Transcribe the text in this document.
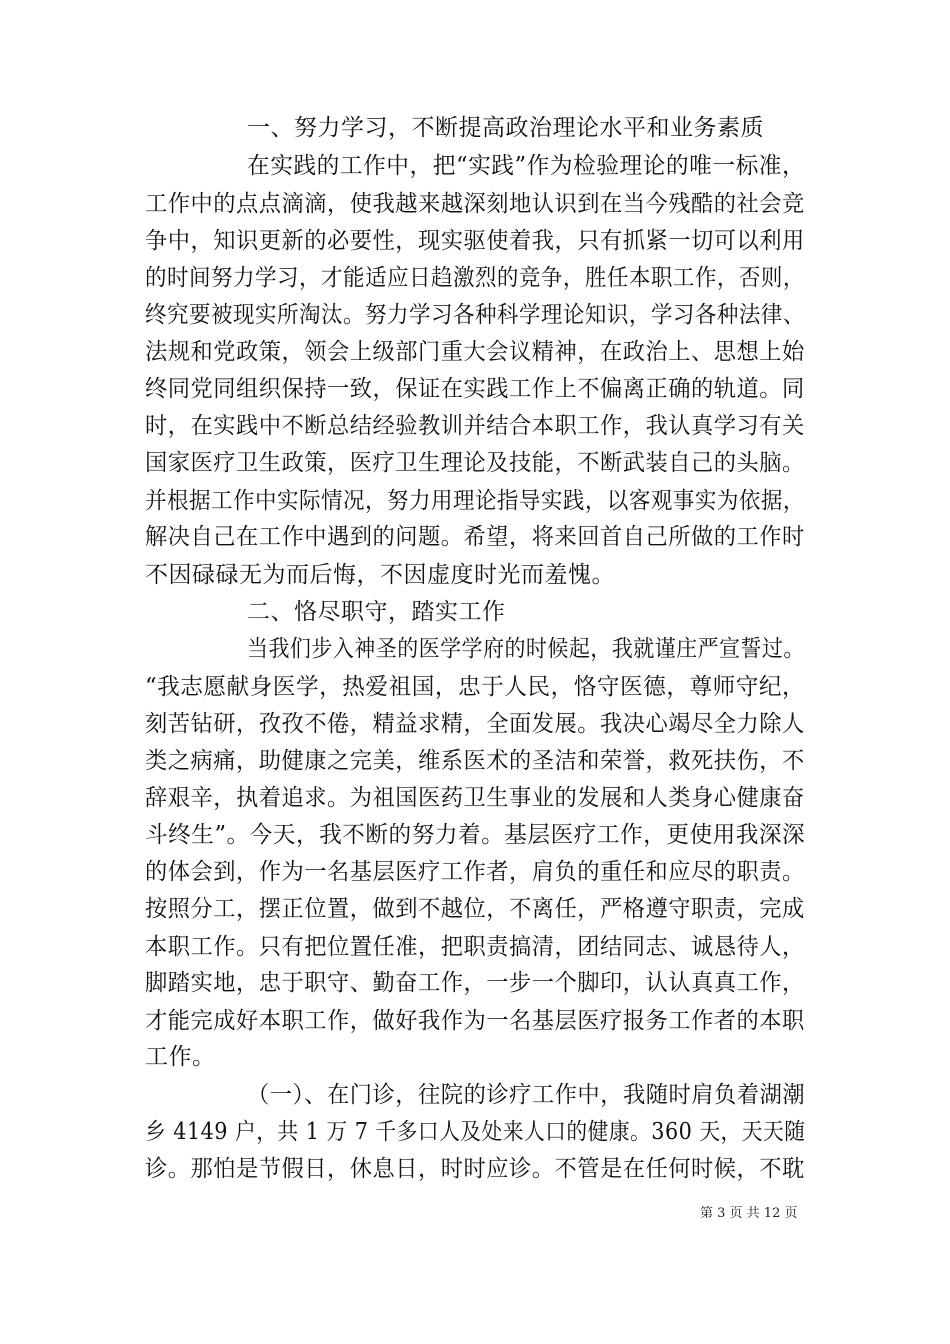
一、努力学习，不断提高政治理论水平和业务素质
在实践的工作中，把“实践”作为检验理论的唯一标准，
工作中的点点滴滴，使我越来越深刻地认识到在当今残酷的社会竞
争中，知识更新的必要性，现实驱使着我，只有抓紧一切可以利用
的时间努力学习，才能适应日趋激烈的竞争，胜任本职工作，否则，
终究要被现实所淘汰。努力学习各种科学理论知识，学习各种法律、
法规和党政策，领会上级部门重大会议精神，在政治上、思想上始
终同党同组织保持一致，保证在实践工作上不偏离正确的轨道。同
时，在实践中不断总结经验教训并结合本职工作，我认真学习有关
国家医疗卫生政策，医疗卫生理论及技能，不断武装自己的头脑。
并根据工作中实际情况，努力用理论指导实践，以客观事实为依据，
解决自己在工作中遇到的问题。希望，将来回首自己所做的工作时
不因碌碌无为而后悔，不因虚度时光而羞愧。
二、恪尽职守，踏实工作
当我们步入神圣的医学学府的时候起，我就谨庄严宣誓过。
“我志愿献身医学，热爱祖国，忠于人民，恪守医德，尊师守纪，
刻苦钻研，孜孜不倦，精益求精，全面发展。我决心竭尽全力除人
类之病痛，助健康之完美，维系医术的圣洁和荣誉，救死扶伤，不
辞艰辛，执着追求。为祖国医药卫生事业的发展和人类身心健康奋
斗终生”。今天，我不断的努力着。基层医疗工作，更使用我深深
的体会到，作为一名基层医疗工作者，肩负的重任和应尽的职责。
按照分工，摆正位置，做到不越位，不离任，严格遵守职责，完成
本职工作。只有把位置任准，把职责搞清，团结同志、诚恳待人，
脚踏实地，忠于职守、勤奋工作，一步一个脚印，认认真真工作，
才能完成好本职工作，做好我作为一名基层医疗报务工作者的本职
工作。
（一）、在门诊，往院的诊疗工作中，我随时肩负着湖潮
乡 4149 户，共 1 万 7 千多口人及处来人口的健康。360 天，天天随
诊。那怕是节假日，休息日，时时应诊。不管是在任何时候，不耽
第 3 页 共 12 页
